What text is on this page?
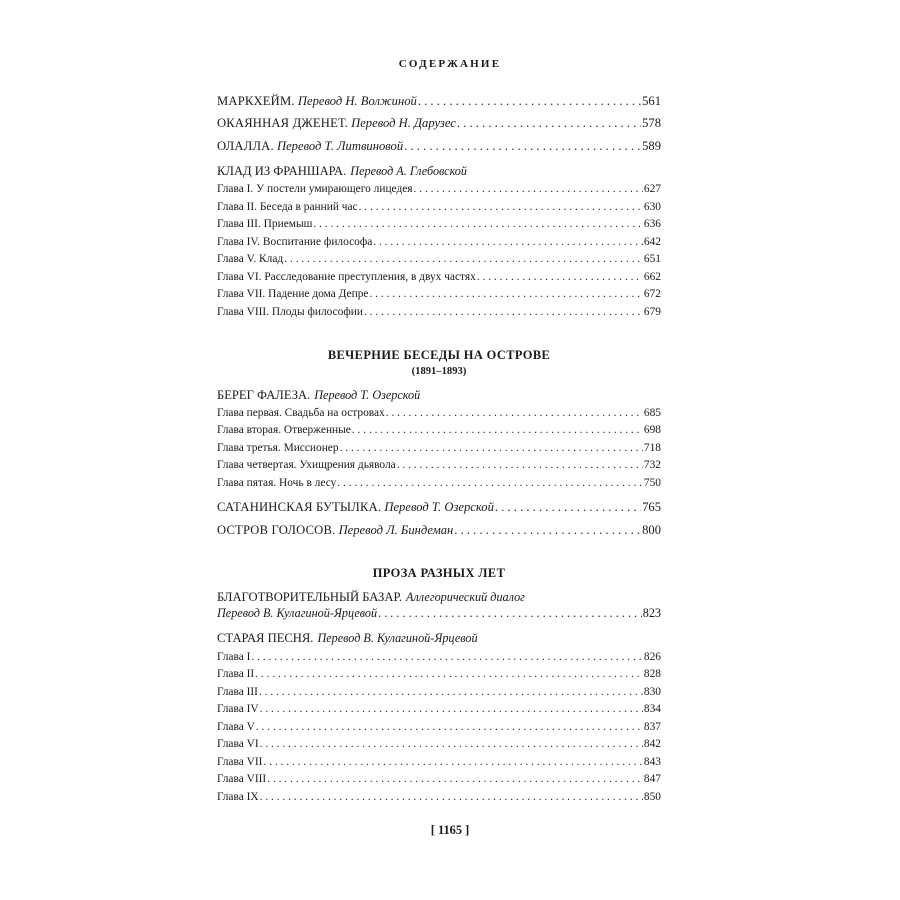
СОДЕРЖАНИЕ
МАРКХЕЙМ. Перевод Н. Волжиной . . .	561
ОКАЯННАЯ ДЖЕНЕТ. Перевод Н. Дарузес . . .	578
ОЛАЛЛА. Перевод Т. Литвиновой . . .	589
КЛАД ИЗ ФРАНШАРА. Перевод А. Глебовской
Глава I. У постели умирающего лицедея . . .	627
Глава II. Беседа в ранний час . . .	630
Глава III. Приемыш . . .	636
Глава IV. Воспитание философа . . .	642
Глава V. Клад . . .	651
Глава VI. Расследование преступления, в двух частях . . .	662
Глава VII. Падение дома Депре . . .	672
Глава VIII. Плоды философии . . .	679
ВЕЧЕРНИЕ БЕСЕДЫ НА ОСТРОВЕ
(1891–1893)
БЕРЕГ ФАЛЕЗА. Перевод Т. Озерской
Глава первая. Свадьба на островах . . .	685
Глава вторая. Отверженные . . .	698
Глава третья. Миссионер . . .	718
Глава четвертая. Ухищрения дьявола . . .	732
Глава пятая. Ночь в лесу . . .	750
САТАНИНСКАЯ БУТЫЛКА. Перевод Т. Озерской . . .	765
ОСТРОВ ГОЛОСОВ. Перевод Л. Биндеман . . .	800
ПРОЗА РАЗНЫХ ЛЕТ
БЛАГОТВОРИТЕЛЬНЫЙ БАЗАР. Аллегорический диалог
Перевод В. Кулагиной-Ярцевой . . .	823
СТАРАЯ ПЕСНЯ. Перевод В. Кулагиной-Ярцевой
Глава I . . .	826
Глава II . . .	828
Глава III . . .	830
Глава IV . . .	834
Глава V . . .	837
Глава VI . . .	842
Глава VII . . .	843
Глава VIII . . .	847
Глава IX . . .	850
[ 1165 ]
